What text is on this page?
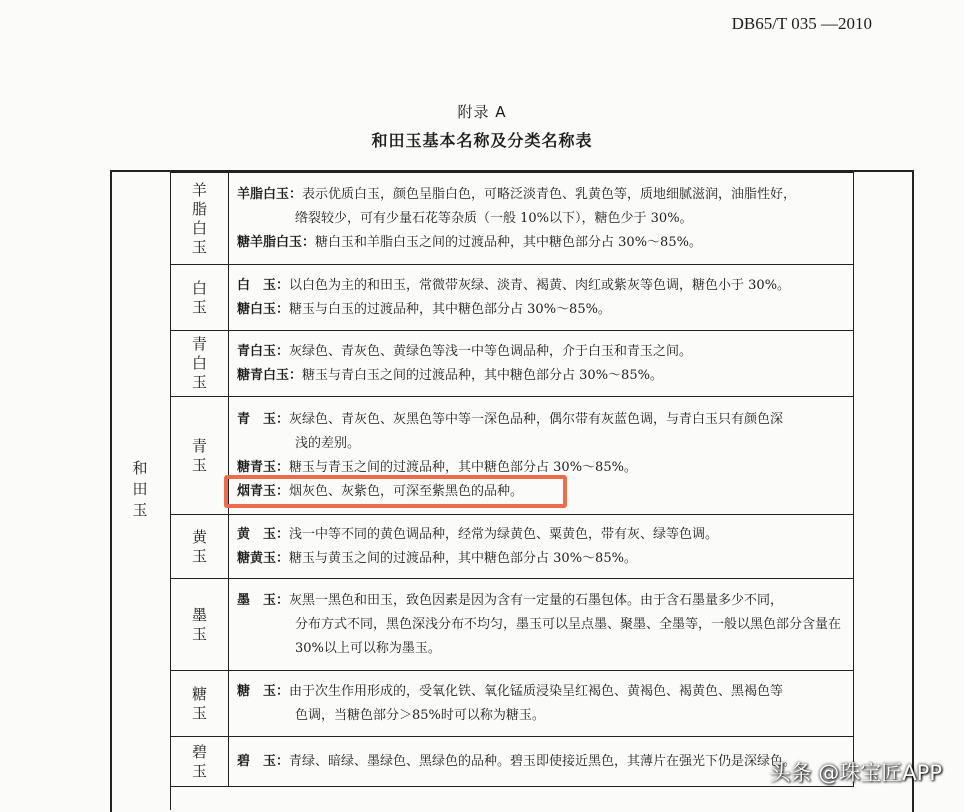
DB65/T 035 —2010
附录 A
和田玉基本名称及分类名称表
和田玉
羊脂白玉	羊脂白玉：表示优质白玉，颜色呈脂白色，可略泛淡青色、乳黄色等，质地细腻滋润，油脂性好，

绺裂较少，可有少量石花等杂质（一般 10%以下），糖色少于 30%。

糖羊脂白玉：糖白玉和羊脂白玉之间的过渡品种，其中糖色部分占 30%～85%。

白玉	白　玉：以白色为主的和田玉，常微带灰绿、淡青、褐黄、肉红或紫灰等色调，糖色小于 30%。

糖白玉：糖玉与白玉的过渡品种，其中糖色部分占 30%～85%。

青白玉	青白玉：灰绿色、青灰色、黄绿色等浅一中等色调品种，介于白玉和青玉之间。

糖青白玉：糖玉与青白玉之间的过渡品种，其中糖色部分占 30%～85%。

青玉	青　玉：灰绿色、青灰色、灰黑色等中等一深色品种，偶尔带有灰蓝色调，与青白玉只有颜色深

浅的差别。

糖青玉：糖玉与青玉之间的过渡品种，其中糖色部分占 30%～85%。

烟青玉：烟灰色、灰紫色，可深至紫黑色的品种。

黄玉	黄　玉：浅一中等不同的黄色调品种，经常为绿黄色、粟黄色，带有灰、绿等色调。

糖黄玉：糖玉与黄玉之间的过渡品种，其中糖色部分占 30%～85%。

墨玉	墨　玉：灰黑一黑色和田玉，致色因素是因为含有一定量的石墨包体。由于含石墨量多少不同，

分布方式不同，黑色深浅分布不均匀，墨玉可以呈点墨、聚墨、全墨等，一般以黑色部分含量在 30%以上可以称为墨玉。

糖玉	糖　玉：由于次生作用形成的，受氧化铁、氧化锰质浸染呈红褐色、黄褐色、褐黄色、黑褐色等

色调，当糖色部分＞85%时可以称为糖玉。

碧玉	碧　玉：青绿、暗绿、墨绿色、黑绿色的品种。碧玉即使接近黑色，其薄片在强光下仍是深绿色。

头条 @珠宝匠APP
